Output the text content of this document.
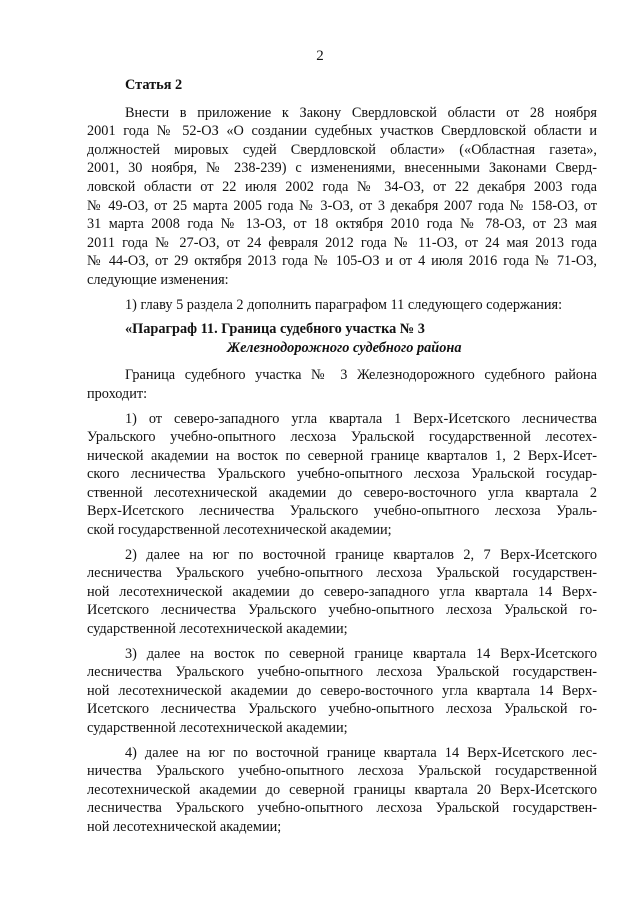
2
Статья 2
Внести в приложение к Закону Свердловской области от 28 ноября
2001 года № 52-ОЗ «О создании судебных участков Свердловской области и
должностей мировых судей Свердловской области» («Областная газета»,
2001, 30 ноября, № 238-239) с изменениями, внесенными Законами Сверд-
ловской области от 22 июля 2002 года № 34-ОЗ, от 22 декабря 2003 года
№ 49-ОЗ, от 25 марта 2005 года № 3-ОЗ, от 3 декабря 2007 года № 158-ОЗ, от
31 марта 2008 года № 13-ОЗ, от 18 октября 2010 года № 78-ОЗ, от 23 мая
2011 года № 27-ОЗ, от 24 февраля 2012 года № 11-ОЗ, от 24 мая 2013 года
№ 44-ОЗ, от 29 октября 2013 года № 105-ОЗ и от 4 июля 2016 года № 71-ОЗ,
следующие изменения:
1) главу 5 раздела 2 дополнить параграфом 11 следующего содержания:
«Параграф 11. Граница судебного участка № 3
Железнодорожного судебного района
Граница судебного участка № 3 Железнодорожного судебного района
проходит:
1) от северо-западного угла квартала 1 Верх-Исетского лесничества
Уральского учебно-опытного лесхоза Уральской государственной лесотех-
нической академии на восток по северной границе кварталов 1, 2 Верх-Исет-
ского лесничества Уральского учебно-опытного лесхоза Уральской государ-
ственной лесотехнической академии до северо-восточного угла квартала 2
Верх-Исетского лесничества Уральского учебно-опытного лесхоза Ураль-
ской государственной лесотехнической академии;
2) далее на юг по восточной границе кварталов 2, 7 Верх-Исетского
лесничества Уральского учебно-опытного лесхоза Уральской государствен-
ной лесотехнической академии до северо-западного угла квартала 14 Верх-
Исетского лесничества Уральского учебно-опытного лесхоза Уральской го-
сударственной лесотехнической академии;
3) далее на восток по северной границе квартала 14 Верх-Исетского
лесничества Уральского учебно-опытного лесхоза Уральской государствен-
ной лесотехнической академии до северо-восточного угла квартала 14 Верх-
Исетского лесничества Уральского учебно-опытного лесхоза Уральской го-
сударственной лесотехнической академии;
4) далее на юг по восточной границе квартала 14 Верх-Исетского лес-
ничества Уральского учебно-опытного лесхоза Уральской государственной
лесотехнической академии до северной границы квартала 20 Верх-Исетского
лесничества Уральского учебно-опытного лесхоза Уральской государствен-
ной лесотехнической академии;
